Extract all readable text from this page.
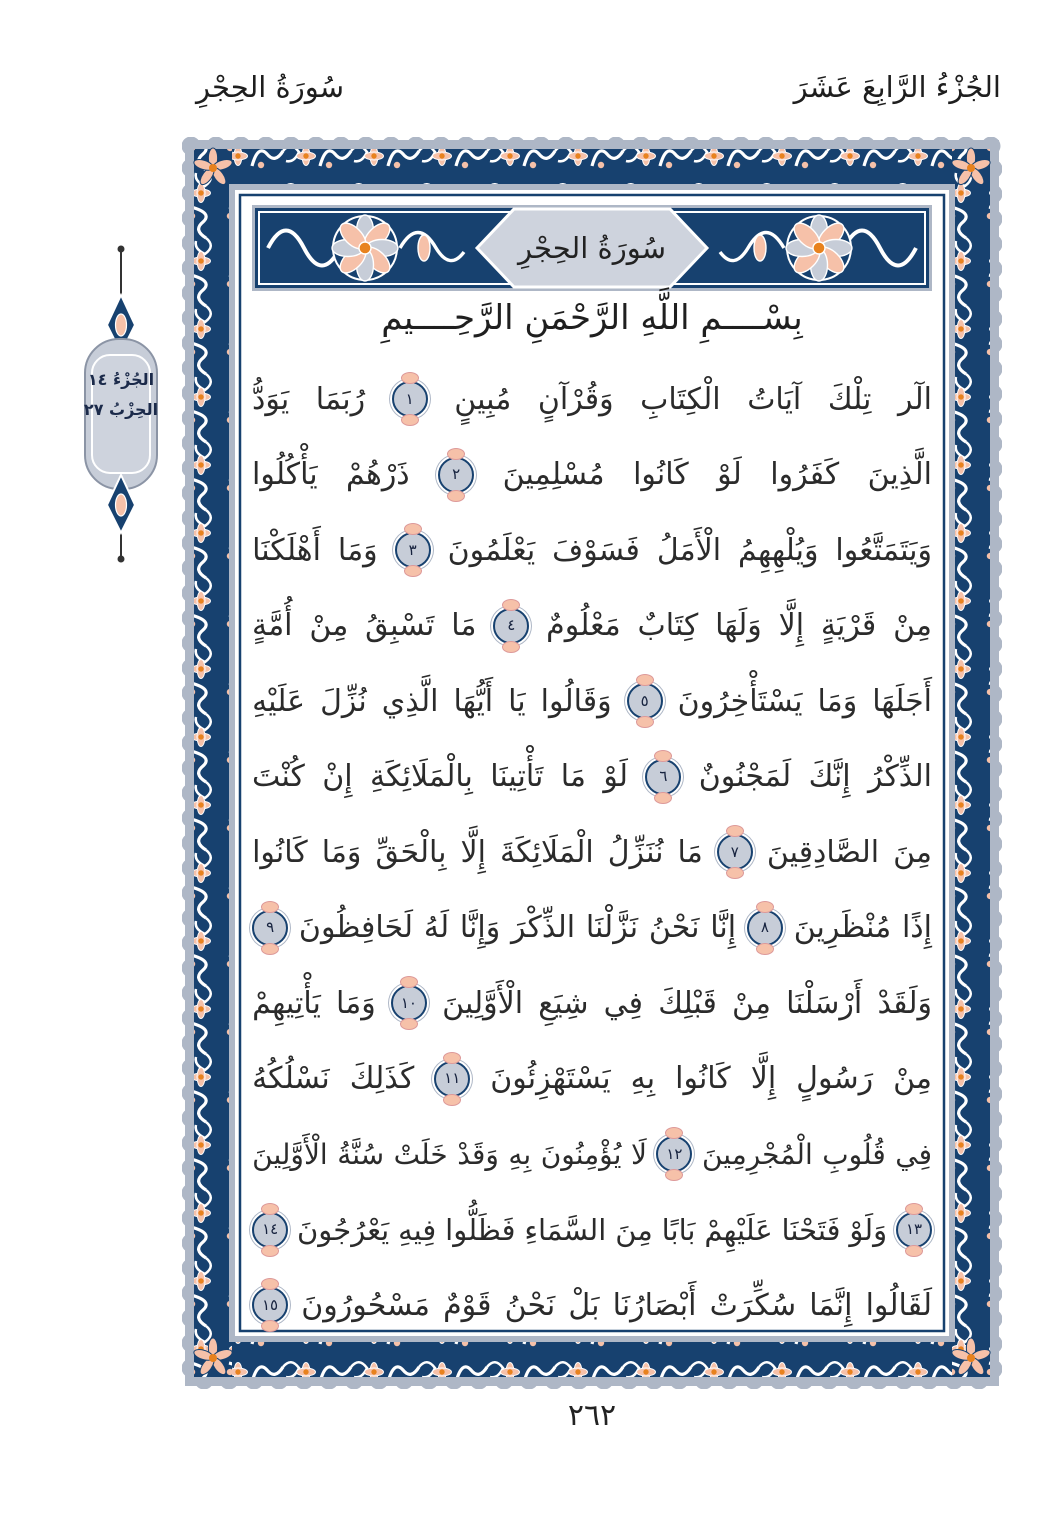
سُورَةُ الحِجْرِ	الجُزْءُ الرَّابِعَ عَشَرَ
سُورَةُ الحِجْرِ
بِسْــــمِ اللَّهِ الرَّحْمَنِ الرَّحِــــيمِ
الٓر
تِلْكَ
آيَاتُ
الْكِتَابِ
وَقُرْآنٍ
مُبِينٍ
١
رُبَمَا
يَوَدُّ
الَّذِينَ
كَفَرُوا
لَوْ
كَانُوا
مُسْلِمِينَ
٢
ذَرْهُمْ
يَأْكُلُوا
وَيَتَمَتَّعُوا
وَيُلْهِهِمُ
الْأَمَلُ
فَسَوْفَ
يَعْلَمُونَ
٣
وَمَا
أَهْلَكْنَا
مِنْ
قَرْيَةٍ
إِلَّا
وَلَهَا
كِتَابٌ
مَعْلُومٌ
٤
مَا
تَسْبِقُ
مِنْ
أُمَّةٍ
أَجَلَهَا
وَمَا
يَسْتَأْخِرُونَ
٥
وَقَالُوا
يَا
أَيُّهَا
الَّذِي
نُزِّلَ
عَلَيْهِ
الذِّكْرُ
إِنَّكَ
لَمَجْنُونٌ
٦
لَوْ
مَا
تَأْتِينَا
بِالْمَلَائِكَةِ
إِنْ
كُنْتَ
مِنَ
الصَّادِقِينَ
٧
مَا
نُنَزِّلُ
الْمَلَائِكَةَ
إِلَّا
بِالْحَقِّ
وَمَا
كَانُوا
إِذًا
مُنْظَرِينَ
٨
إِنَّا
نَحْنُ
نَزَّلْنَا
الذِّكْرَ
وَإِنَّا
لَهُ
لَحَافِظُونَ
٩
وَلَقَدْ
أَرْسَلْنَا
مِنْ
قَبْلِكَ
فِي
شِيَعِ
الْأَوَّلِينَ
١٠
وَمَا
يَأْتِيهِمْ
مِنْ
رَسُولٍ
إِلَّا
كَانُوا
بِهِ
يَسْتَهْزِئُونَ
١١
كَذَلِكَ
نَسْلُكُهُ
فِي
قُلُوبِ
الْمُجْرِمِينَ
١٢
لَا
يُؤْمِنُونَ
بِهِ
وَقَدْ
خَلَتْ
سُنَّةُ
الْأَوَّلِينَ
١٣
وَلَوْ
فَتَحْنَا
عَلَيْهِمْ
بَابًا
مِنَ
السَّمَاءِ
فَظَلُّوا
فِيهِ
يَعْرُجُونَ
١٤
لَقَالُوا
إِنَّمَا
سُكِّرَتْ
أَبْصَارُنَا
بَلْ
نَحْنُ
قَوْمٌ
مَسْحُورُونَ
١٥
الجُزْءُ ١٤
الحِزْبُ ٢٧
٢٦٢
